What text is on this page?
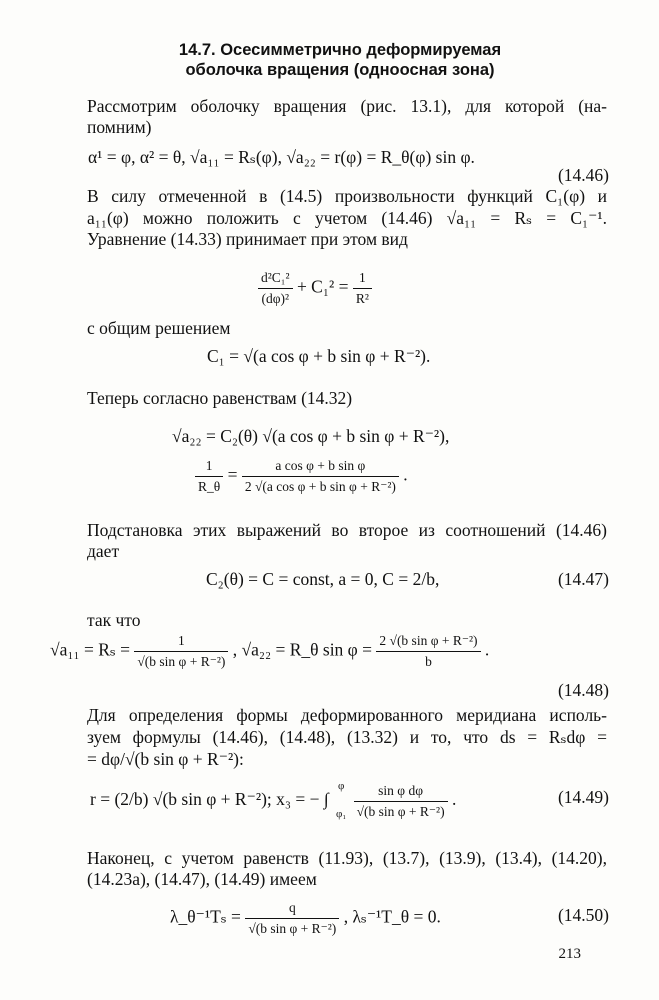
14.7. Осесимметрично деформируемая
оболочка вращения (одноосная зона)
Рассмотрим оболочку вращения (рис. 13.1), для которой (на-
помним)
α¹ = φ, α² = θ, √a₁₁ = Rₛ(φ), √a₂₂ = r(φ) = R_θ(φ) sin φ.
(14.46)
В силу отмеченной в (14.5) произвольности функций C₁(φ) и
a₁₁(φ) можно положить с учетом (14.46) √a₁₁ = Rₛ = C₁⁻¹.
Уравнение (14.33) принимает при этом вид
$\frac{\text{d²C₁²}}{\text{(dφ)²}} + C_1^2 = \frac{1}{\text{R²}}$
с общим решением
C₁ = √(a cos φ + b sin φ + R⁻²).
Теперь согласно равенствам (14.32)
√a₂₂ = C₂(θ) √(a cos φ + b sin φ + R⁻²),
$\frac{1}{R\_\theta} = \frac{\text{a cos φ + b sin φ}}{\text{2 √(a cos φ + b sin φ + R⁻²)}}$ .
Подстановка этих выражений во второе из соотношений (14.46)
дает
C₂(θ) = C = const, a = 0, C = 2/b,	(14.47)
так что
$√a_{11} = R_s = \frac{1}{\text{√(b sin φ + R⁻²)}}$ , √a₂₂ = R_θ $\sin \varphi = \frac{\text{2 √(b sin φ + R⁻²)}}{b}$ .
(14.48)
Для определения формы деформированного меридиана исполь-
зуем формулы (14.46), (14.48), (13.32) и то, что ds = Rₛdφ =
= dφ/√(b sin φ + R⁻²):
r = (2/b) √(b sin φ + R⁻²); x₃ = − ∫
φ
φ₁
$\frac{\text{sin φ dφ}}{\text{√(b sin φ + R⁻²)}}$ .	(14.49)
Наконец, с учетом равенств (11.93), (13.7), (13.9), (13.4), (14.20),
(14.23а), (14.47), (14.49) имеем
λ_θ⁻¹Tₛ = $\frac{q}{\text{√(b sin φ + R⁻²)}}$ , λₛ⁻¹T_θ = 0.	(14.50)
213
